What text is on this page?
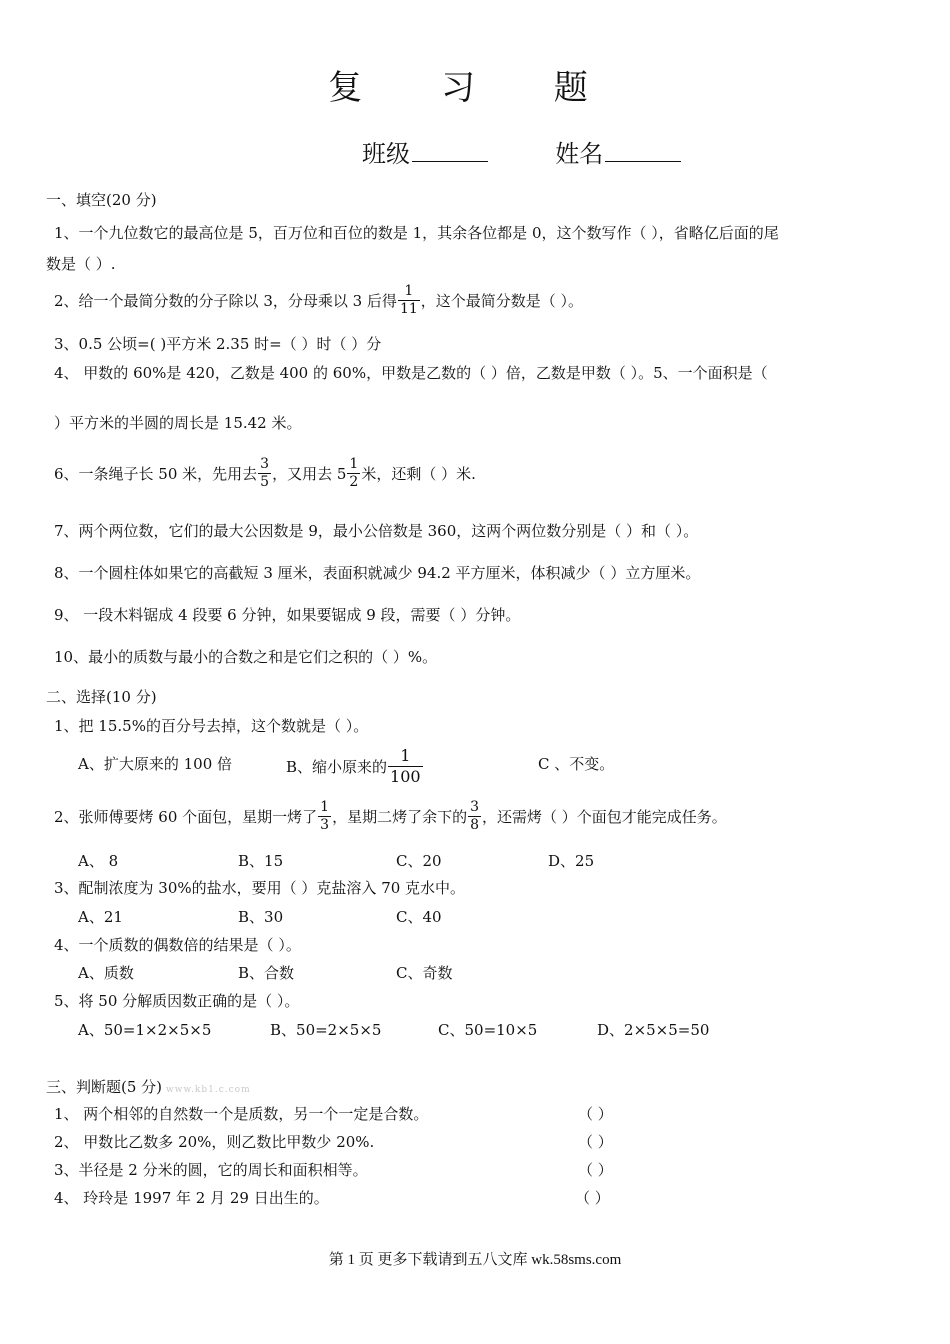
复 习 题
班级	姓名
一、填空(20 分)
1、一个九位数它的最高位是 5，百万位和百位的数是 1，其余各位都是 0，这个数写作（ ），省略亿后面的尾
数是（ ）.
2、给一个最简分数的分子除以 3，分母乘以 3 后得 $\frac{1}{11}$ ，这个最简分数是（ ）。
3、0.5 公顷=( )平方米 2.35 时=（ ）时（ ）分
4、 甲数的 60%是 420，乙数是 400 的 60%，甲数是乙数的（ ）倍，乙数是甲数（ ）。5、一个面积是（
）平方米的半圆的周长是 15.42 米。
6、一条绳子长 50 米，先用去 $\frac{3}{5}$ ，又用去 $5 \frac{1}{2}$ 米，还剩（ ）米.
7、两个两位数，它们的最大公因数是 9，最小公倍数是 360，这两个两位数分别是（ ）和（ ）。
8、一个圆柱体如果它的高截短 3 厘米，表面积就减少 94.2 平方厘米，体积减少（ ）立方厘米。
9、 一段木料锯成 4 段要 6 分钟，如果要锯成 9 段，需要（ ）分钟。
10、最小的质数与最小的合数之和是它们之积的（ ）%。
二、选择(10 分)
1、把 15.5%的百分号去掉，这个数就是（ ）。
A、扩大原来的 100 倍	B、缩小原来的 $\frac{1}{100}$	C 、不变。
2、张师傅要烤 60 个面包，星期一烤了 $\frac{1}{3}$ ，星期二烤了余下的 $\frac{3}{8}$ ，还需烤（ ）个面包才能完成任务。
A、 8	B、15	C、20	D、25
3、配制浓度为 30%的盐水，要用（ ）克盐溶入 70 克水中。
A、21	B、30	C、40
4、一个质数的偶数倍的结果是（ ）。
A、质数	B、合数	C、奇数
5、将 50 分解质因数正确的是（ ）。
A、50=1×2×5×5	B、50=2×5×5	C、50=10×5	D、2×5×5=50
三、判断题(5 分) www.kb1.c.com
1、 两个相邻的自然数一个是质数，另一个一定是合数。	（ ）
2、 甲数比乙数多 20%，则乙数比甲数少 20%.	（ ）
3、半径是 2 分米的圆，它的周长和面积相等。	（ ）
4、 玲玲是 1997 年 2 月 29 日出生的。	（ ）
第 1 页 更多下载请到五八文库 wk.58sms.com
